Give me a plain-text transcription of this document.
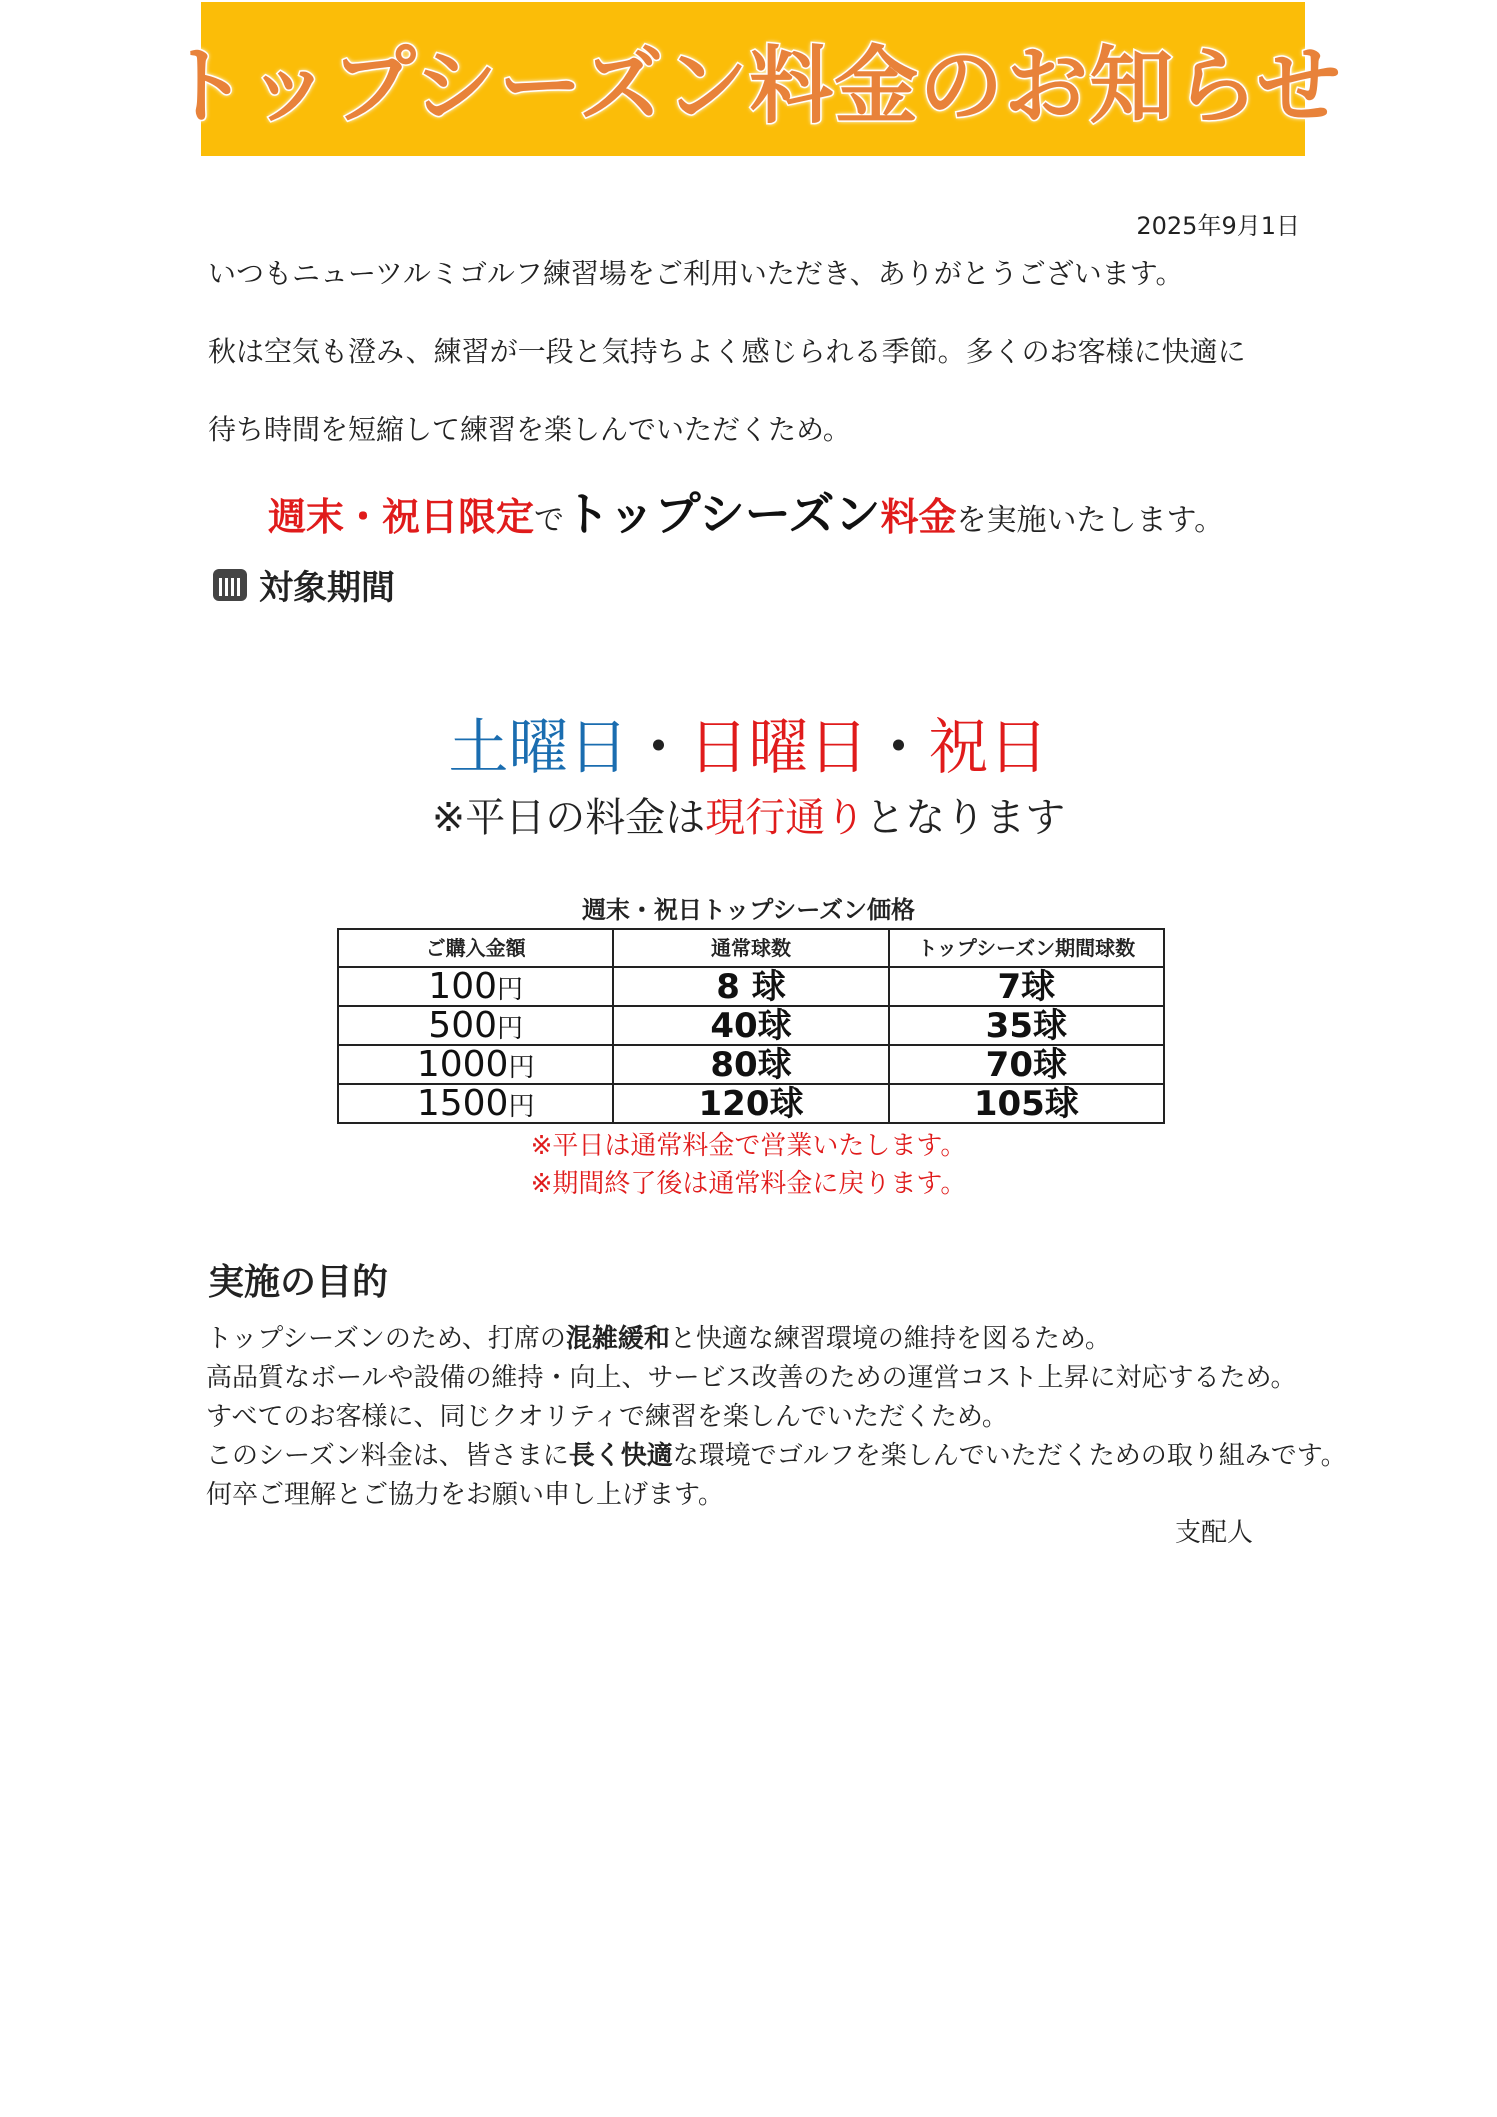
トップシーズン料金のお知らせ
2025年9月1日
いつもニューツルミゴルフ練習場をご利用いただき、ありがとうございます。
秋は空気も澄み、練習が一段と気持ちよく感じられる季節。多くのお客様に快適に
待ち時間を短縮して練習を楽しんでいただくため。
週末・祝日限定でトップシーズン料金を実施いたします。
対象期間
土曜日・日曜日・祝日
※平日の料金は現行通りとなります
週末・祝日トップシーズン価格
ご購入金額	通常球数	トップシーズン期間球数
100円	8 球	7球
500円	40球	35球
1000円	80球	70球
1500円	120球	105球
※平日は通常料金で営業いたします。
※期間終了後は通常料金に戻ります。
実施の目的
トップシーズンのため、打席の混雑緩和と快適な練習環境の維持を図るため。
高品質なボールや設備の維持・向上、サービス改善のための運営コスト上昇に対応するため。
すべてのお客様に、同じクオリティで練習を楽しんでいただくため。
このシーズン料金は、皆さまに長く快適な環境でゴルフを楽しんでいただくための取り組みです。
何卒ご理解とご協力をお願い申し上げます。
支配人
